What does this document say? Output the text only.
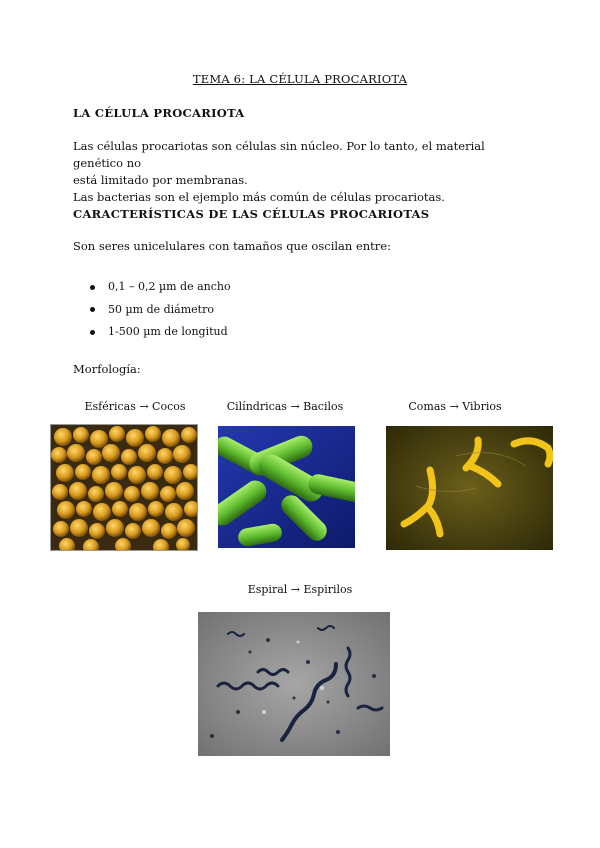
TEMA 6: LA CÉLULA PROCARIOTA
LA CÉLULA PROCARIOTA

Las células procariotas son células sin núcleo. Por lo tanto, el material genético no

está limitado por membranas.

Las bacterias son el ejemplo más común de células procariotas.

CARACTERÍSTICAS DE LAS CÉLULAS PROCARIOTAS
Son seres unicelulares con tamaños que oscilan entre:
0,1 – 0,2 µm de ancho
50 µm de diámetro
1-500 µm de longitud
Morfología:
Esféricas → Cocos	Cilíndricas → Bacilos	Comas → Vibrios
Espiral → Espirilos
